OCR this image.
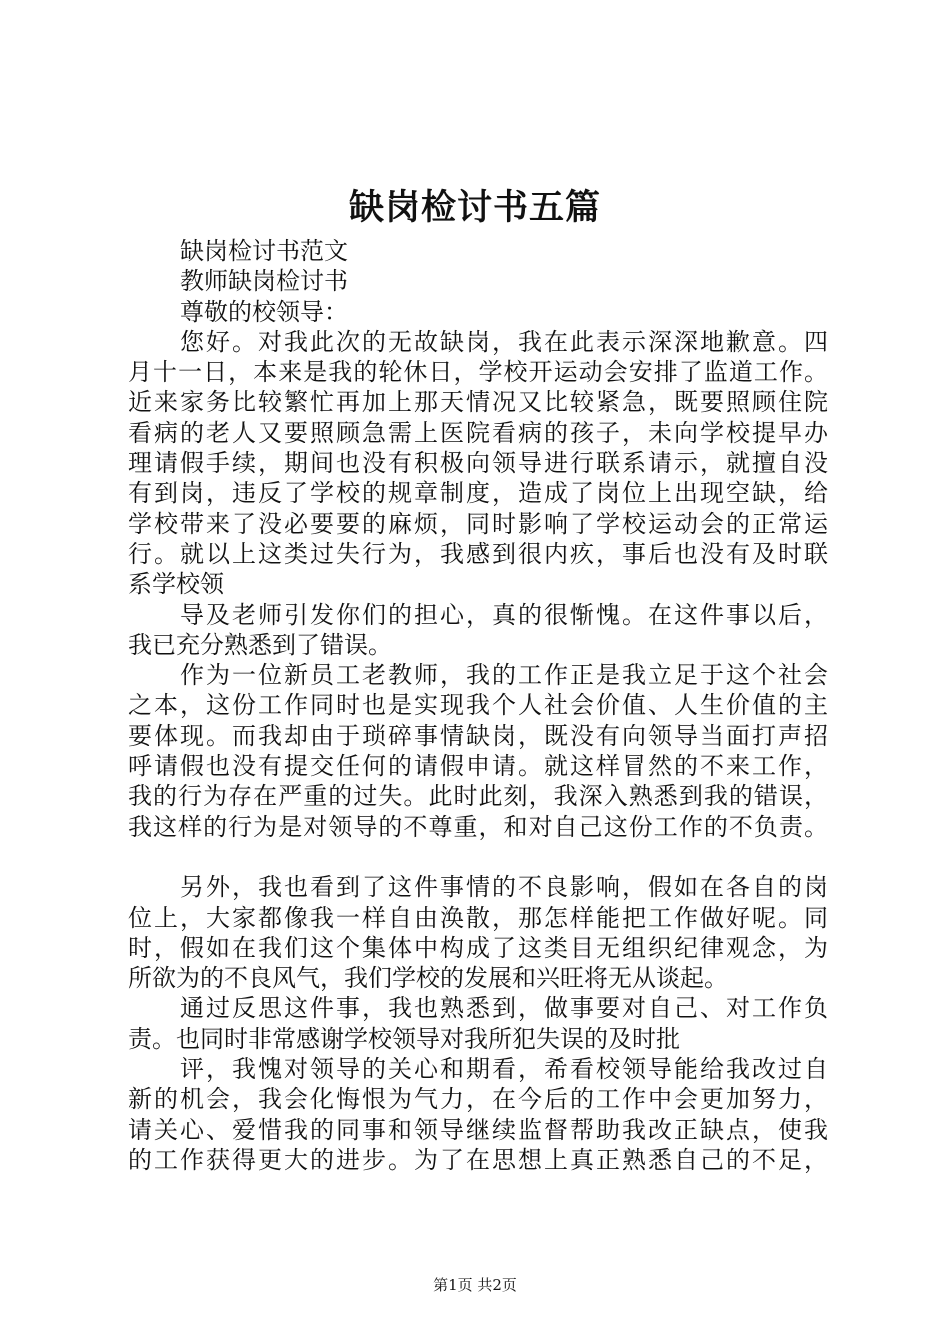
缺岗检讨书五篇
缺岗检讨书范文
教师缺岗检讨书
尊敬的校领导：
您好。对我此次的无故缺岗，我在此表示深深地歉意。四
月十一日，本来是我的轮休日，学校开运动会安排了监道工作。
近来家务比较繁忙再加上那天情况又比较紧急，既要照顾住院
看病的老人又要照顾急需上医院看病的孩子，未向学校提早办
理请假手续，期间也没有积极向领导进行联系请示，就擅自没
有到岗，违反了学校的规章制度，造成了岗位上出现空缺，给
学校带来了没必要要的麻烦，同时影响了学校运动会的正常运
行。就以上这类过失行为，我感到很内疚，事后也没有及时联
系学校领
导及老师引发你们的担心，真的很惭愧。在这件事以后，
我已充分熟悉到了错误。
作为一位新员工老教师，我的工作正是我立足于这个社会
之本，这份工作同时也是实现我个人社会价值、人生价值的主
要体现。而我却由于琐碎事情缺岗，既没有向领导当面打声招
呼请假也没有提交任何的请假申请。就这样冒然的不来工作，
我的行为存在严重的过失。此时此刻，我深入熟悉到我的错误，
我这样的行为是对领导的不尊重，和对自己这份工作的不负责。
另外，我也看到了这件事情的不良影响，假如在各自的岗
位上，大家都像我一样自由涣散，那怎样能把工作做好呢。同
时，假如在我们这个集体中构成了这类目无组织纪律观念，为
所欲为的不良风气，我们学校的发展和兴旺将无从谈起。
通过反思这件事，我也熟悉到，做事要对自己、对工作负
责。也同时非常感谢学校领导对我所犯失误的及时批
评，我愧对领导的关心和期看，希看校领导能给我改过自
新的机会，我会化悔恨为气力，在今后的工作中会更加努力，
请关心、爱惜我的同事和领导继续监督帮助我改正缺点，使我
的工作获得更大的进步。为了在思想上真正熟悉自己的不足，
第1页 共2页
